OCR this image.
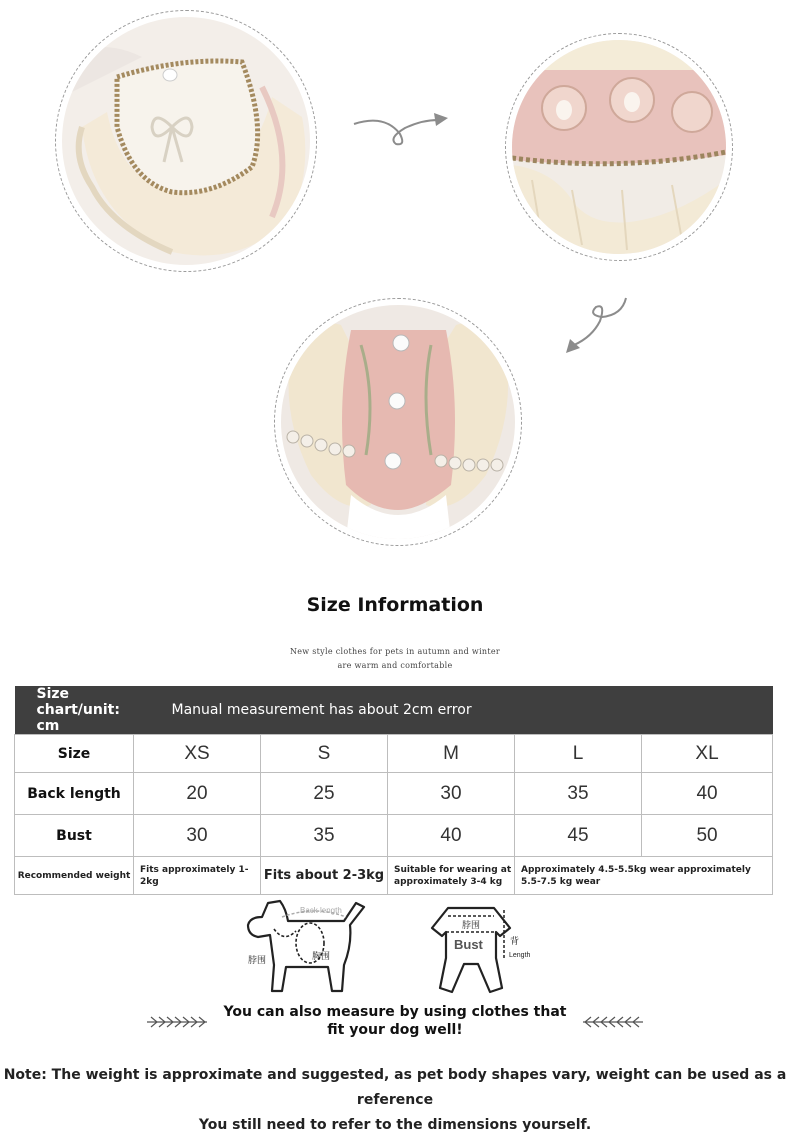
Size Information
New style clothes for pets in autumn and winter
are warm and comfortable
Size chart/unit: cm	Manual measurement has about 2cm error				
Size	XS	S	M	L	XL
Back length	20	25	30	35	40
Bust	30	35	40	45	50
Recommended weight	Fits approximately 1-2kg	Fits about 2-3kg	Suitable for wearing at approximately 3-4 kg	Approximately 4.5-5.5kg wear approximately 5.5-7.5 kg wear	
Back length
脖围	胸围
脖围
Bust	背
Length
You can also measure by using clothes that fit your dog well!
Note: The weight is approximate and suggested, as pet body shapes vary, weight can be used as a reference
You still need to refer to the dimensions yourself.
